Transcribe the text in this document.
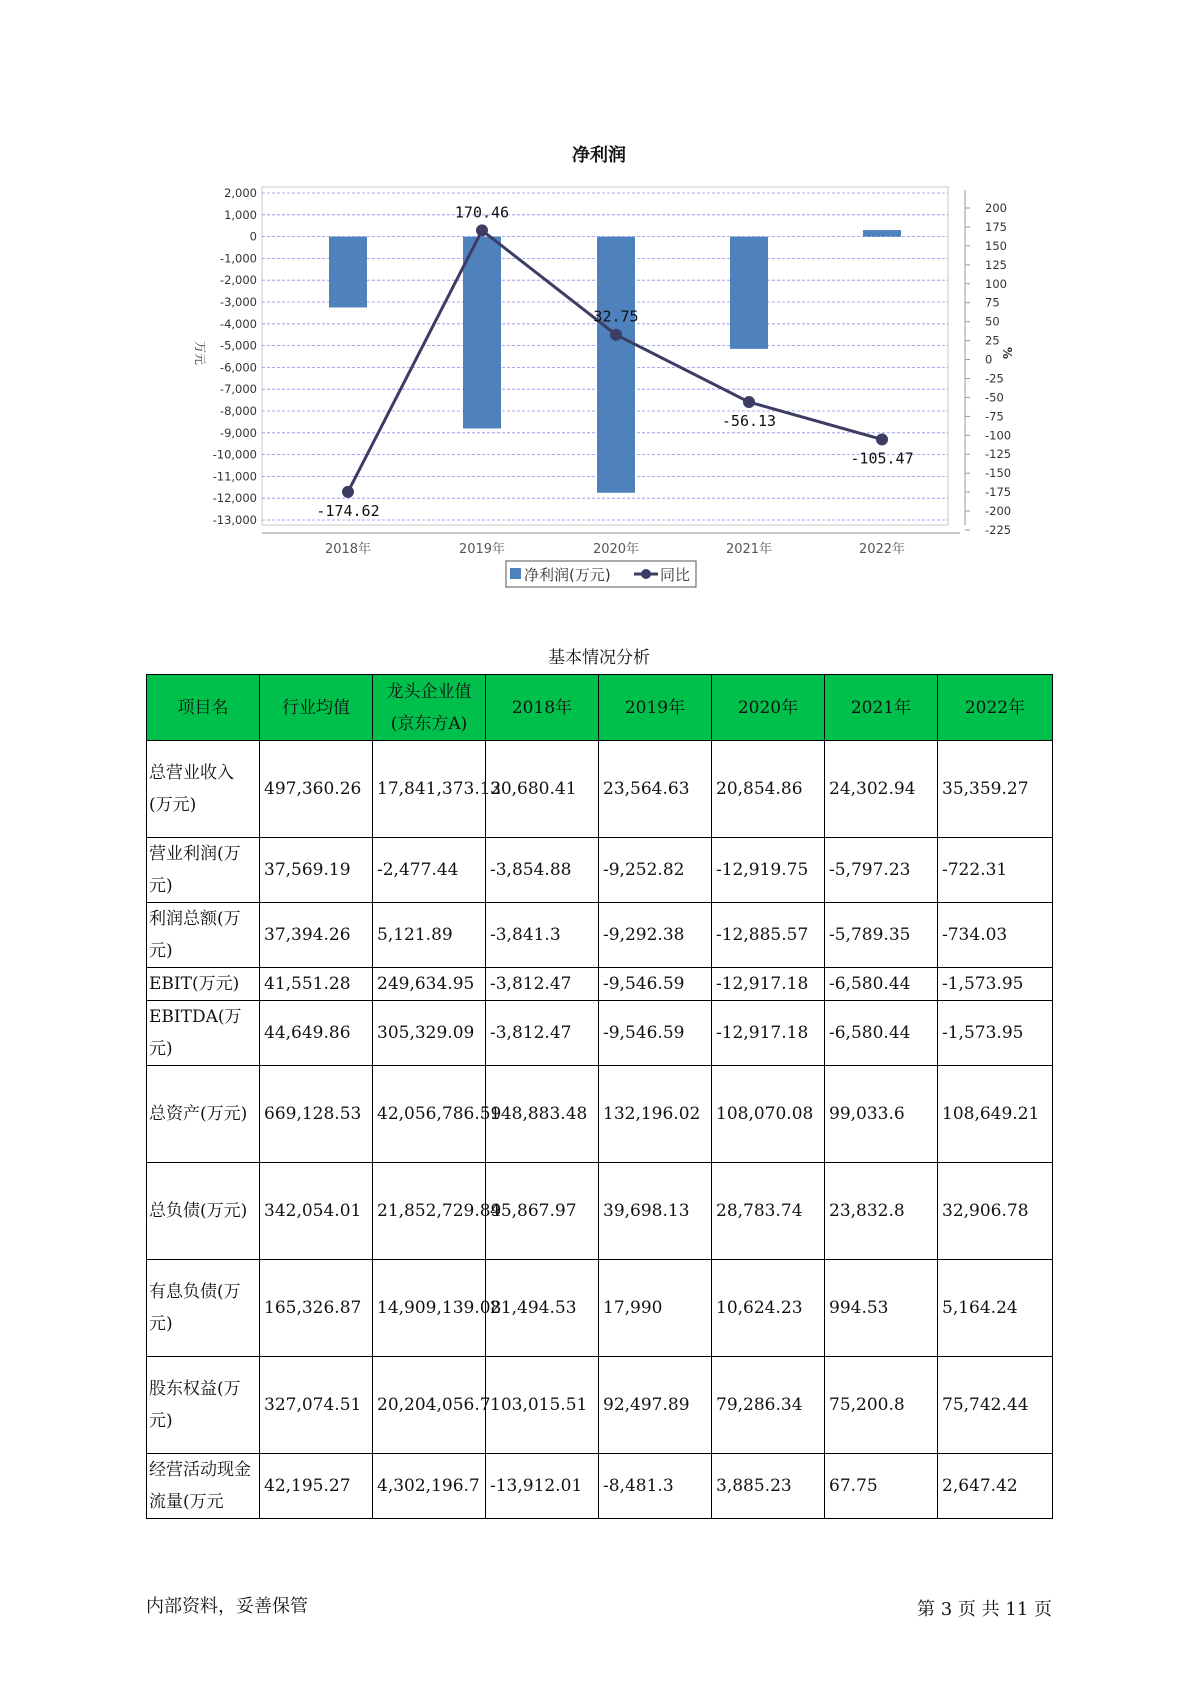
净利润
2,000
1,000
0
-1,000
-2,000
-3,000
-4,000
-5,000
-6,000
-7,000
-8,000
-9,000
-10,000
-11,000
-12,000
-13,000
200
175
150
125
100
75
50
25
0
-25
-50
-75
-100
-125
-150
-175
-200
-225
-174.62
170.46
32.75
-56.13
-105.47
2018年	2019年	2020年	2021年	2022年
万元	%
净利润(万元)	同比
基本情况分析
项目名	行业均值	龙头企业值(京东方A)	2018年	2019年	2020年	2021年	2022年
总营业收入(万元)	497,360.26	17,841,373.12	30,680.41	23,564.63	20,854.86	24,302.94	35,359.27
营业利润(万元)	37,569.19	-2,477.44	-3,854.88	-9,252.82	-12,919.75	-5,797.23	-722.31
利润总额(万元)	37,394.26	5,121.89	-3,841.3	-9,292.38	-12,885.57	-5,789.35	-734.03
EBIT(万元)	41,551.28	249,634.95	-3,812.47	-9,546.59	-12,917.18	-6,580.44	-1,573.95
EBITDA(万元)	44,649.86	305,329.09	-3,812.47	-9,546.59	-12,917.18	-6,580.44	-1,573.95
总资产(万元)	669,128.53	42,056,786.59	148,883.48	132,196.02	108,070.08	99,033.6	108,649.21
总负债(万元)	342,054.01	21,852,729.89	45,867.97	39,698.13	28,783.74	23,832.8	32,906.78
有息负债(万元)	165,326.87	14,909,139.08	21,494.53	17,990	10,624.23	994.53	5,164.24
股东权益(万元)	327,074.51	20,204,056.7	103,015.51	92,497.89	79,286.34	75,200.8	75,742.44
经营活动现金流量(万元	42,195.27	4,302,196.7	-13,912.01	-8,481.3	3,885.23	67.75	2,647.42
内部资料，妥善保管	第 3 页 共 11 页
